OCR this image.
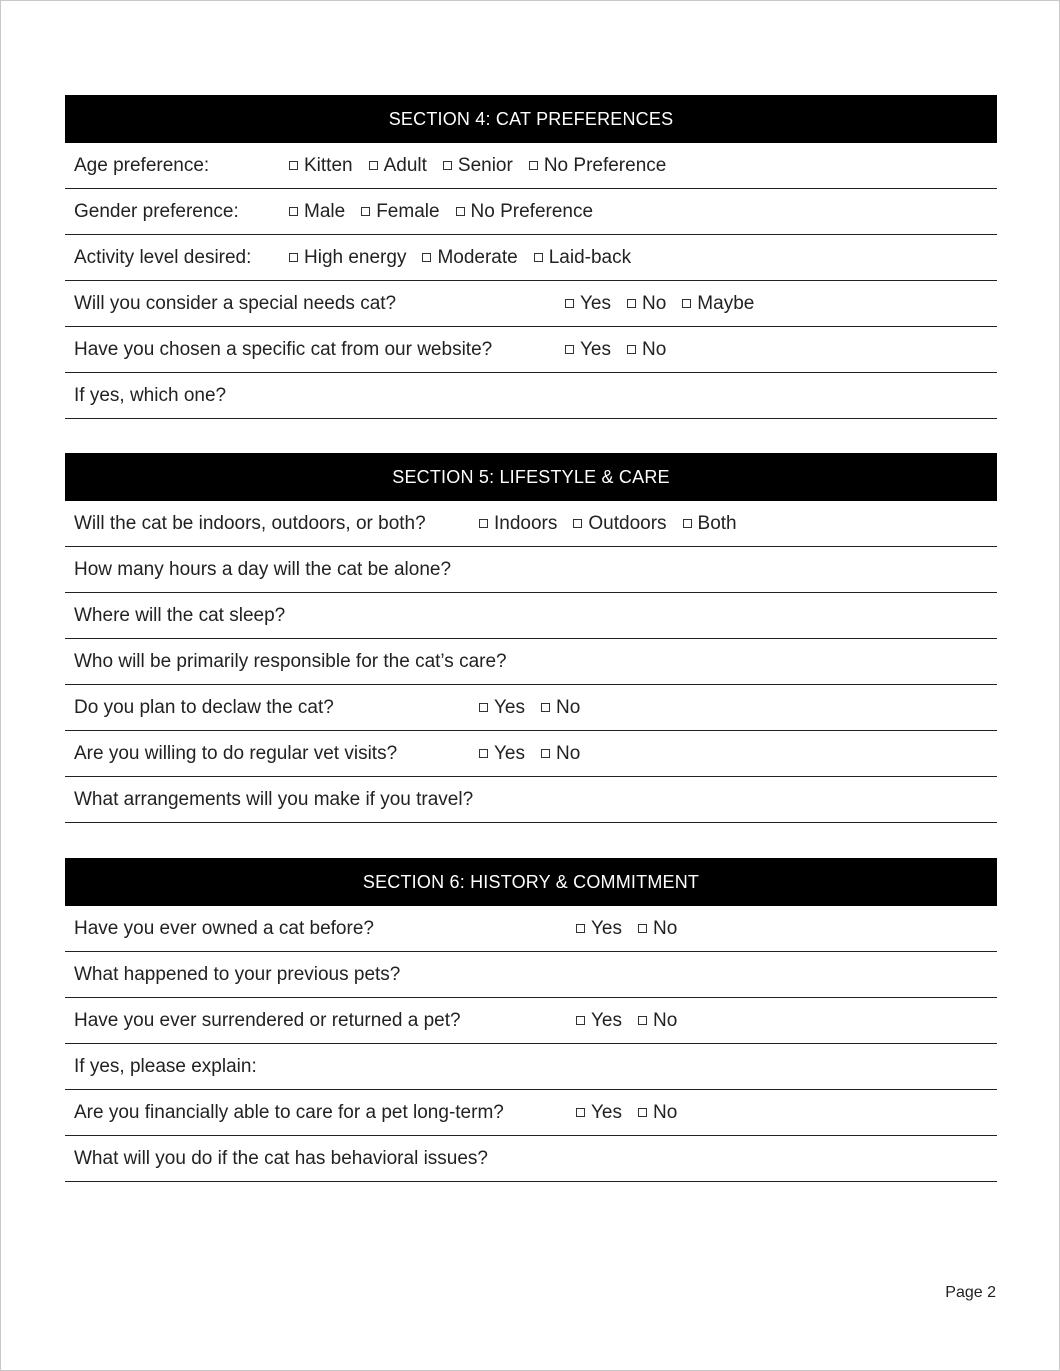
SECTION 4: CAT PREFERENCES
Age preference:	Kitten Adult Senior No Preference
Gender preference:	Male Female No Preference
Activity level desired:	High energy Moderate Laid-back
Will you consider a special needs cat?	Yes No Maybe
Have you chosen a specific cat from our website?	Yes No
If yes, which one?
SECTION 5: LIFESTYLE & CARE
Will the cat be indoors, outdoors, or both?	Indoors Outdoors Both
How many hours a day will the cat be alone?
Where will the cat sleep?
Who will be primarily responsible for the cat’s care?
Do you plan to declaw the cat?	Yes No
Are you willing to do regular vet visits?	Yes No
What arrangements will you make if you travel?
SECTION 6: HISTORY & COMMITMENT
Have you ever owned a cat before?	Yes No
What happened to your previous pets?
Have you ever surrendered or returned a pet?	Yes No
If yes, please explain:
Are you financially able to care for a pet long-term?	Yes No
What will you do if the cat has behavioral issues?
Page 2
